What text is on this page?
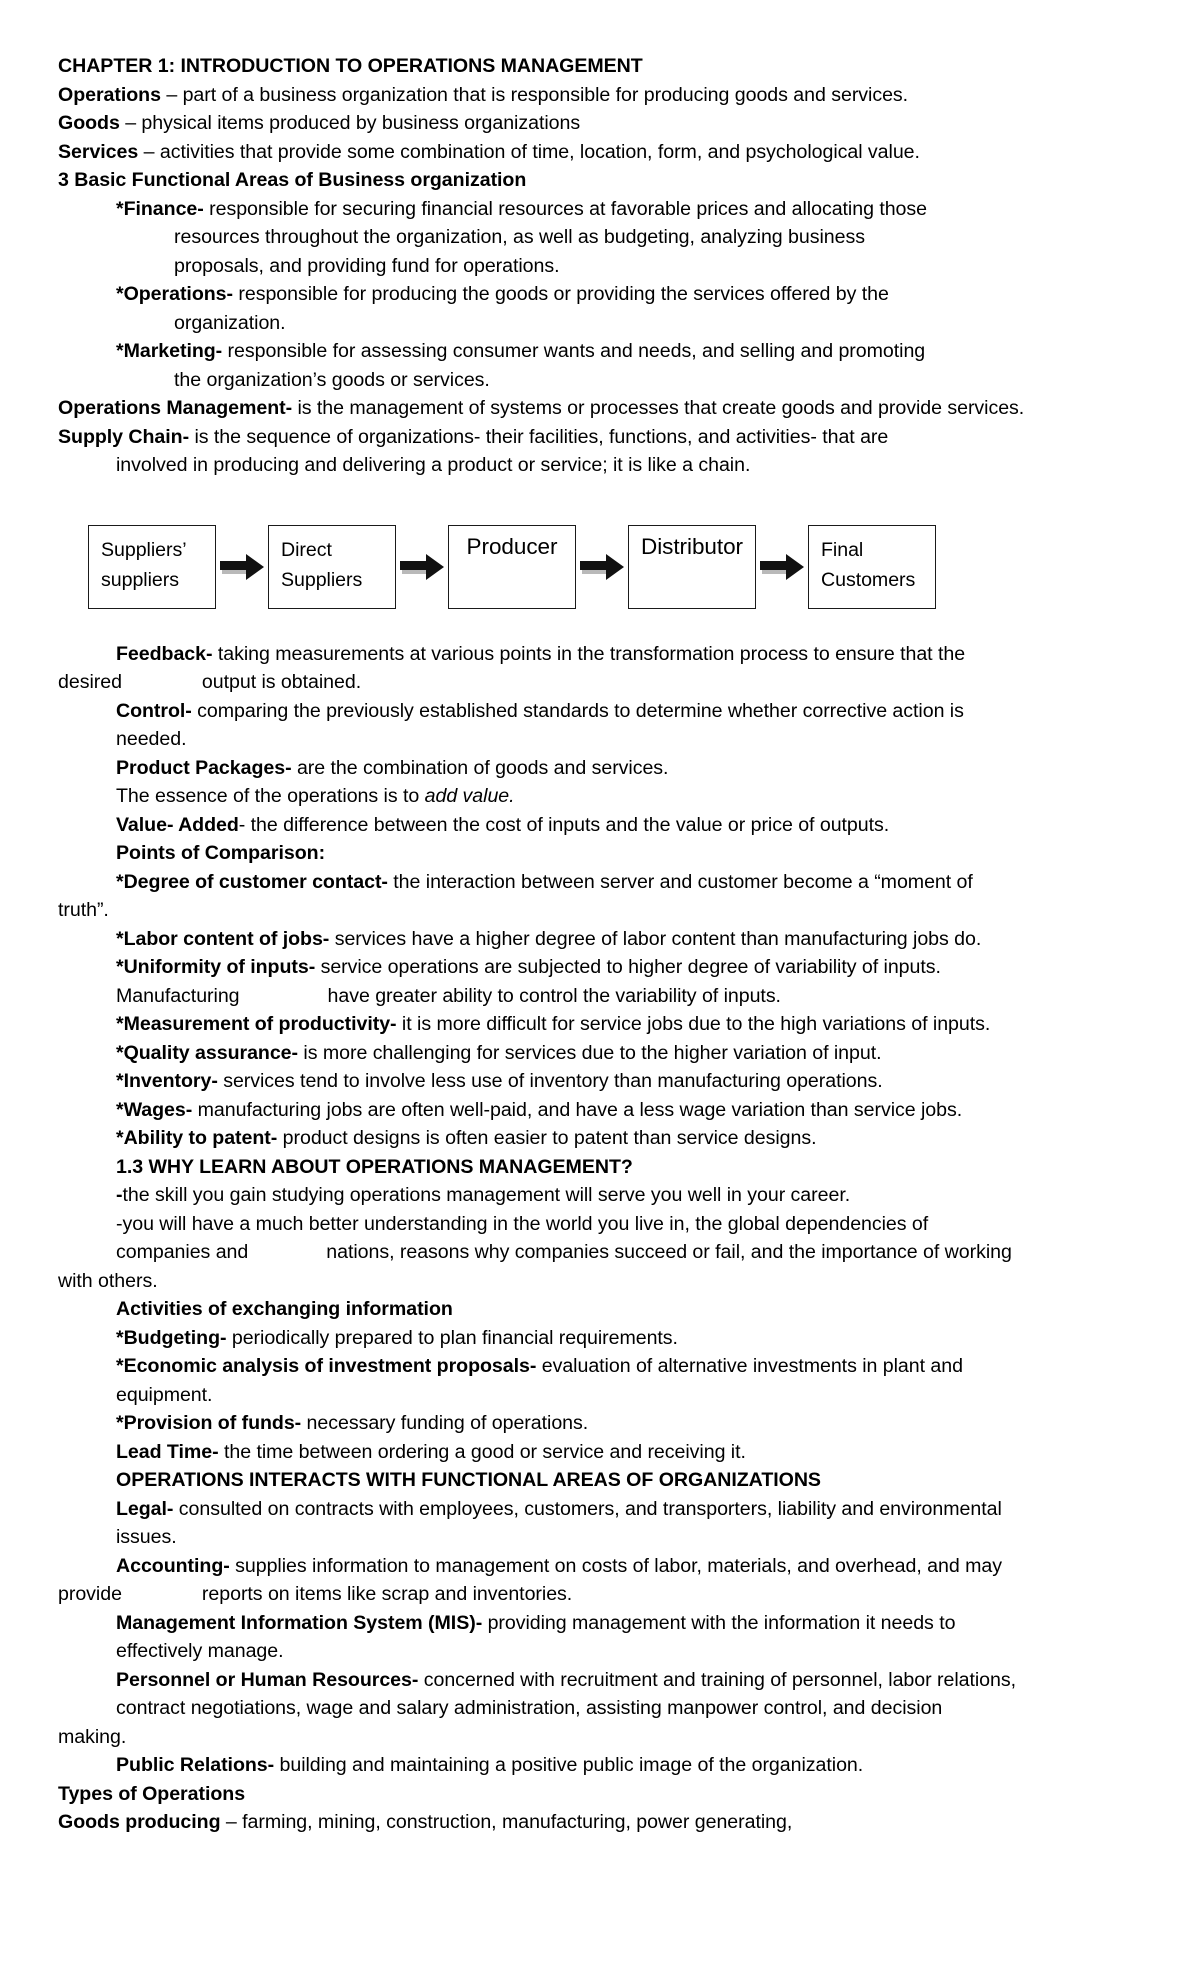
CHAPTER 1: INTRODUCTION TO OPERATIONS MANAGEMENT

Operations – part of a business organization that is responsible for producing goods and services.

Goods – physical items produced by business organizations

Services – activities that provide some combination of time, location, form, and psychological value.

3 Basic Functional Areas of Business organization

*Finance- responsible for securing financial resources at favorable prices and allocating those

resources throughout the organization, as well as budgeting, analyzing business

proposals, and providing fund for operations.

*Operations- responsible for producing the goods or providing the services offered by the

organization.

*Marketing- responsible for assessing consumer wants and needs, and selling and promoting

the organization’s goods or services.

Operations Management- is the management of systems or processes that create goods and provide services.

Supply Chain- is the sequence of organizations- their facilities, functions, and activities- that are

involved in producing and delivering a product or service; it is like a chain.

Suppliers’
suppliers
Direct
Suppliers
Producer	Distributor	Final
Customers

Feedback- taking measurements at various points in the transformation process to ensure that the

desired	output is obtained.

Control- comparing the previously established standards to determine whether corrective action is

needed.

Product Packages- are the combination of goods and services.

The essence of the operations is to add value.

Value- Added- the difference between the cost of inputs and the value or price of outputs.

Points of Comparison:

*Degree of customer contact- the interaction between server and customer become a “moment of

truth”.

*Labor content of jobs- services have a higher degree of labor content than manufacturing jobs do.

*Uniformity of inputs- service operations are subjected to higher degree of variability of inputs.

Manufacturing	have greater ability to control the variability of inputs.

*Measurement of productivity- it is more difficult for service jobs due to the high variations of inputs.

*Quality assurance- is more challenging for services due to the higher variation of input.

*Inventory- services tend to involve less use of inventory than manufacturing operations.

*Wages- manufacturing jobs are often well-paid, and have a less wage variation than service jobs.

*Ability to patent- product designs is often easier to patent than service designs.

1.3 WHY LEARN ABOUT OPERATIONS MANAGEMENT?

-the skill you gain studying operations management will serve you well in your career.

-you will have a much better understanding in the world you live in, the global dependencies of

companies and	nations, reasons why companies succeed or fail, and the importance of working

with others.

Activities of exchanging information

*Budgeting- periodically prepared to plan financial requirements.

*Economic analysis of investment proposals- evaluation of alternative investments in plant and

equipment.

*Provision of funds- necessary funding of operations.

Lead Time- the time between ordering a good or service and receiving it.

OPERATIONS INTERACTS WITH FUNCTIONAL AREAS OF ORGANIZATIONS

Legal- consulted on contracts with employees, customers, and transporters, liability and environmental

issues.

Accounting- supplies information to management on costs of labor, materials, and overhead, and may

provide	reports on items like scrap and inventories.

Management Information System (MIS)- providing management with the information it needs to

effectively manage.

Personnel or Human Resources- concerned with recruitment and training of personnel, labor relations,

contract negotiations, wage and salary administration, assisting manpower control, and decision

making.

Public Relations- building and maintaining a positive public image of the organization.

Types of Operations

Goods producing – farming, mining, construction, manufacturing, power generating,
